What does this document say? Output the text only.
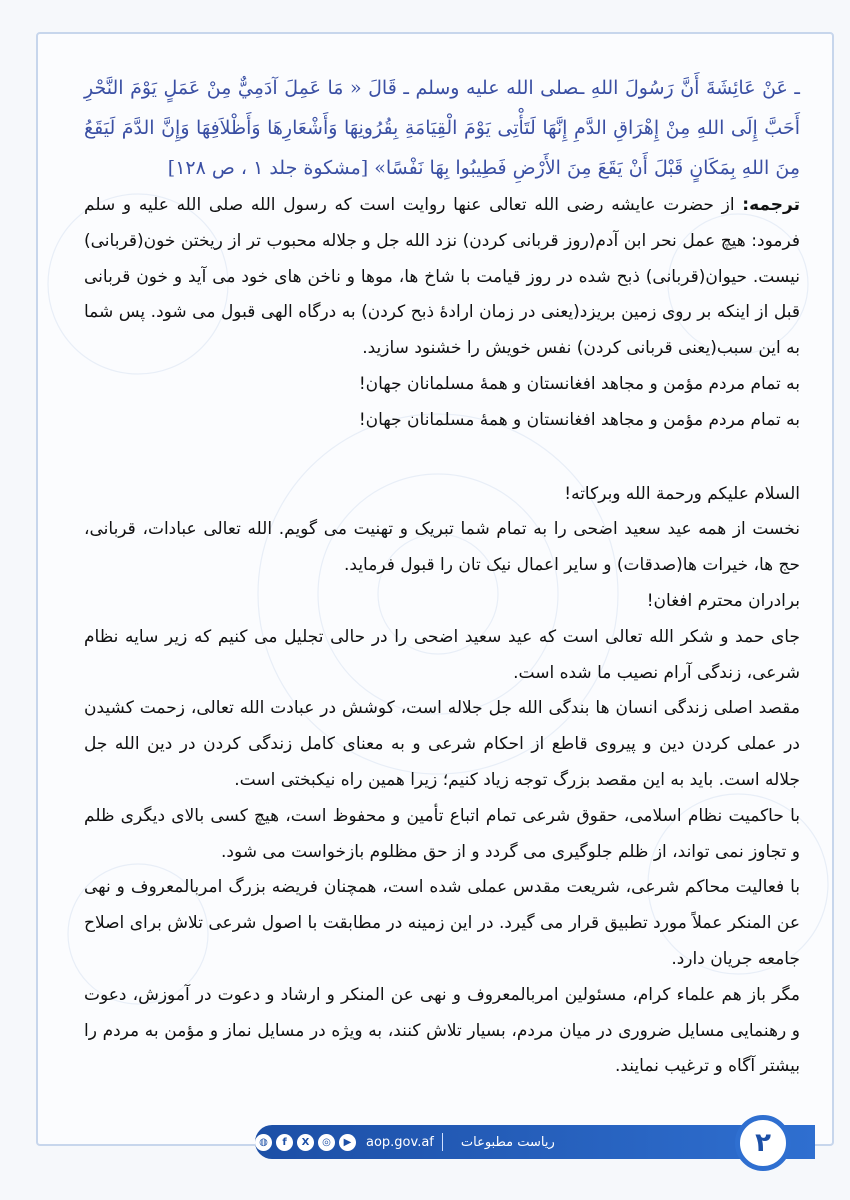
ـ عَنْ عَائِشَةَ أَنَّ رَسُولَ اللهِ ـصلى الله عليه وسلم ـ قَالَ « مَا عَمِلَ آدَمِيٌّ مِنْ عَمَلٍ يَوْمَ النَّحْرِ أَحَبَّ إِلَى اللهِ مِنْ إِهْرَاقِ الدَّمِ إِنَّهَا لَتَأْتِى يَوْمَ الْقِيَامَةِ بِقُرُونِهَا وَأَشْعَارِهَا وَأَظْلاَفِهَا وَإِنَّ الدَّمَ لَيَقَعُ مِنَ اللهِ بِمَكَانٍ قَبْلَ أَنْ يَقَعَ مِنَ الأَرْضِ فَطِيبُوا بِهَا نَفْسًا» [مشکوة جلد ١ ، ص ١٢٨]

ترجمه: از حضرت عایشه رضی الله تعالی عنها روایت است که رسول الله صلی الله علیه و سلم فرمود: هیچ عمل نحر ابن آدم(روز قربانی کردن) نزد الله جل و جلاله محبوب تر از ریختن خون(قربانی) نیست. حیوان(قربانی) ذبح شده در روز قیامت با شاخ ها، موها و ناخن های خود می آید و خون قربانی قبل از اینکه بر روی زمین بریزد(یعنی در زمان ارادۀ ذبح کردن) به درگاه الهی قبول می شود. پس شما به این سبب(یعنی قربانی کردن) نفس خویش را خشنود سازید.

به تمام مردم مؤمن و مجاهد افغانستان و همۀ مسلمانان جهان!

به تمام مردم مؤمن و مجاهد افغانستان و همۀ مسلمانان جهان!

السلام علیکم ورحمة الله وبرکاته!

نخست از همه عید سعید اضحی را به تمام شما تبریک و تهنیت می گویم. الله تعالی عبادات، قربانی، حج ها، خیرات ها(صدقات) و سایر اعمال نیک تان را قبول فرماید.

برادران محترم افغان!

جای حمد و شکر الله تعالی است که عید سعید اضحی را در حالی تجلیل می کنیم که زیر سایه نظام شرعی، زندگی آرام نصیب ما شده است.

مقصد اصلی زندگی انسان ها بندگی الله جل جلاله است، کوشش در عبادت الله تعالی، زحمت کشیدن در عملی کردن دین و پیروی قاطع از احکام شرعی و به معنای کامل زندگی کردن در دین الله جل جلاله است. باید به این مقصد بزرگ توجه زیاد کنیم؛ زیرا همین راه نیکبختی است.

با حاکمیت نظام اسلامی، حقوق شرعی تمام اتباع تأمین و محفوظ است، هیچ کسی بالای دیگری ظلم و تجاوز نمی تواند، از ظلم جلوگیری می گردد و از حق مظلوم بازخواست می شود.

با فعالیت محاکم شرعی، شریعت مقدس عملی شده است، همچنان فریضه بزرگ امربالمعروف و نهی عن المنکر عملاً مورد تطبیق قرار می گیرد. در این زمینه در مطابقت با اصول شرعی تلاش برای اصلاح جامعه جریان دارد.

مگر باز هم علماء کرام، مسئولین امربالمعروف و نهی عن المنکر و ارشاد و دعوت در آموزش، دعوت و رهنمایی مسایل ضروری در میان مردم، بسیار تلاش کنند، به ویژه در مسایل نماز و مؤمن به مردم را بیشتر آگاه و ترغیب نمایند.

ریاست مطبوعات
aop.gov.af
◍	f	X	◎	▶	۲
